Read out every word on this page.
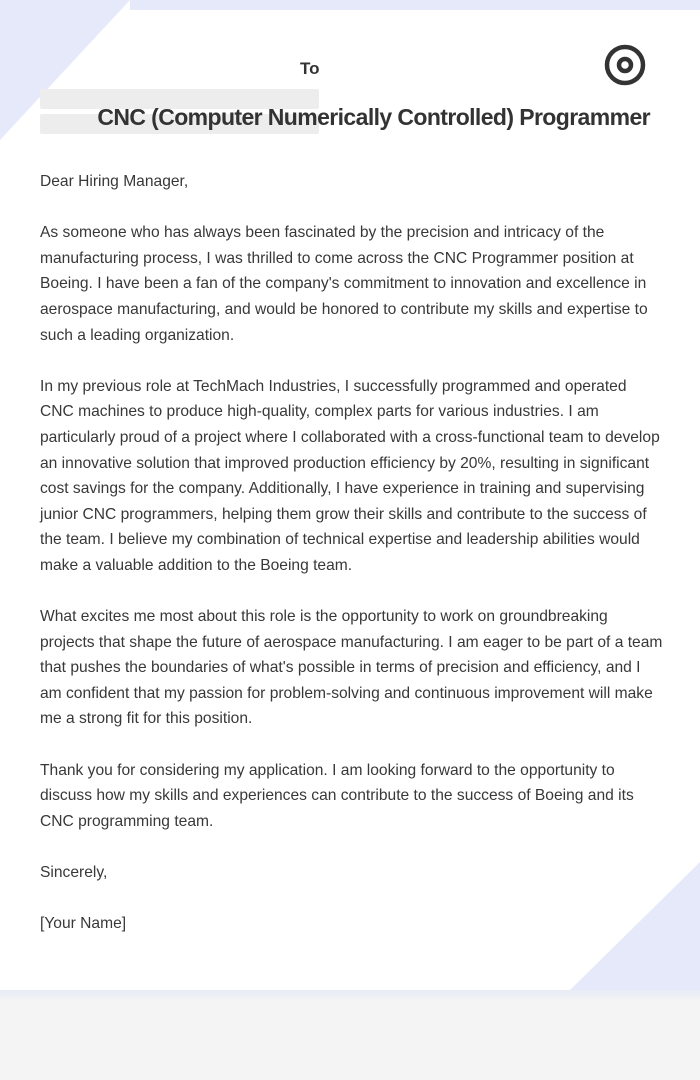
To
CNC (Computer Numerically Controlled) Programmer

Dear Hiring Manager,

As someone who has always been fascinated by the precision and intricacy of the manufacturing process, I was thrilled to come across the CNC Programmer position at Boeing. I have been a fan of the company's commitment to innovation and excellence in aerospace manufacturing, and would be honored to contribute my skills and expertise to such a leading organization.

In my previous role at TechMach Industries, I successfully programmed and operated CNC machines to produce high-quality, complex parts for various industries. I am particularly proud of a project where I collaborated with a cross-functional team to develop an innovative solution that improved production efficiency by 20%, resulting in significant cost savings for the company. Additionally, I have experience in training and supervising junior CNC programmers, helping them grow their skills and contribute to the success of the team. I believe my combination of technical expertise and leadership abilities would make a valuable addition to the Boeing team.

What excites me most about this role is the opportunity to work on groundbreaking projects that shape the future of aerospace manufacturing. I am eager to be part of a team that pushes the boundaries of what's possible in terms of precision and efficiency, and I am confident that my passion for problem-solving and continuous improvement will make me a strong fit for this position.

Thank you for considering my application. I am looking forward to the opportunity to discuss how my skills and experiences can contribute to the success of Boeing and its CNC programming team.

Sincerely,

[Your Name]
